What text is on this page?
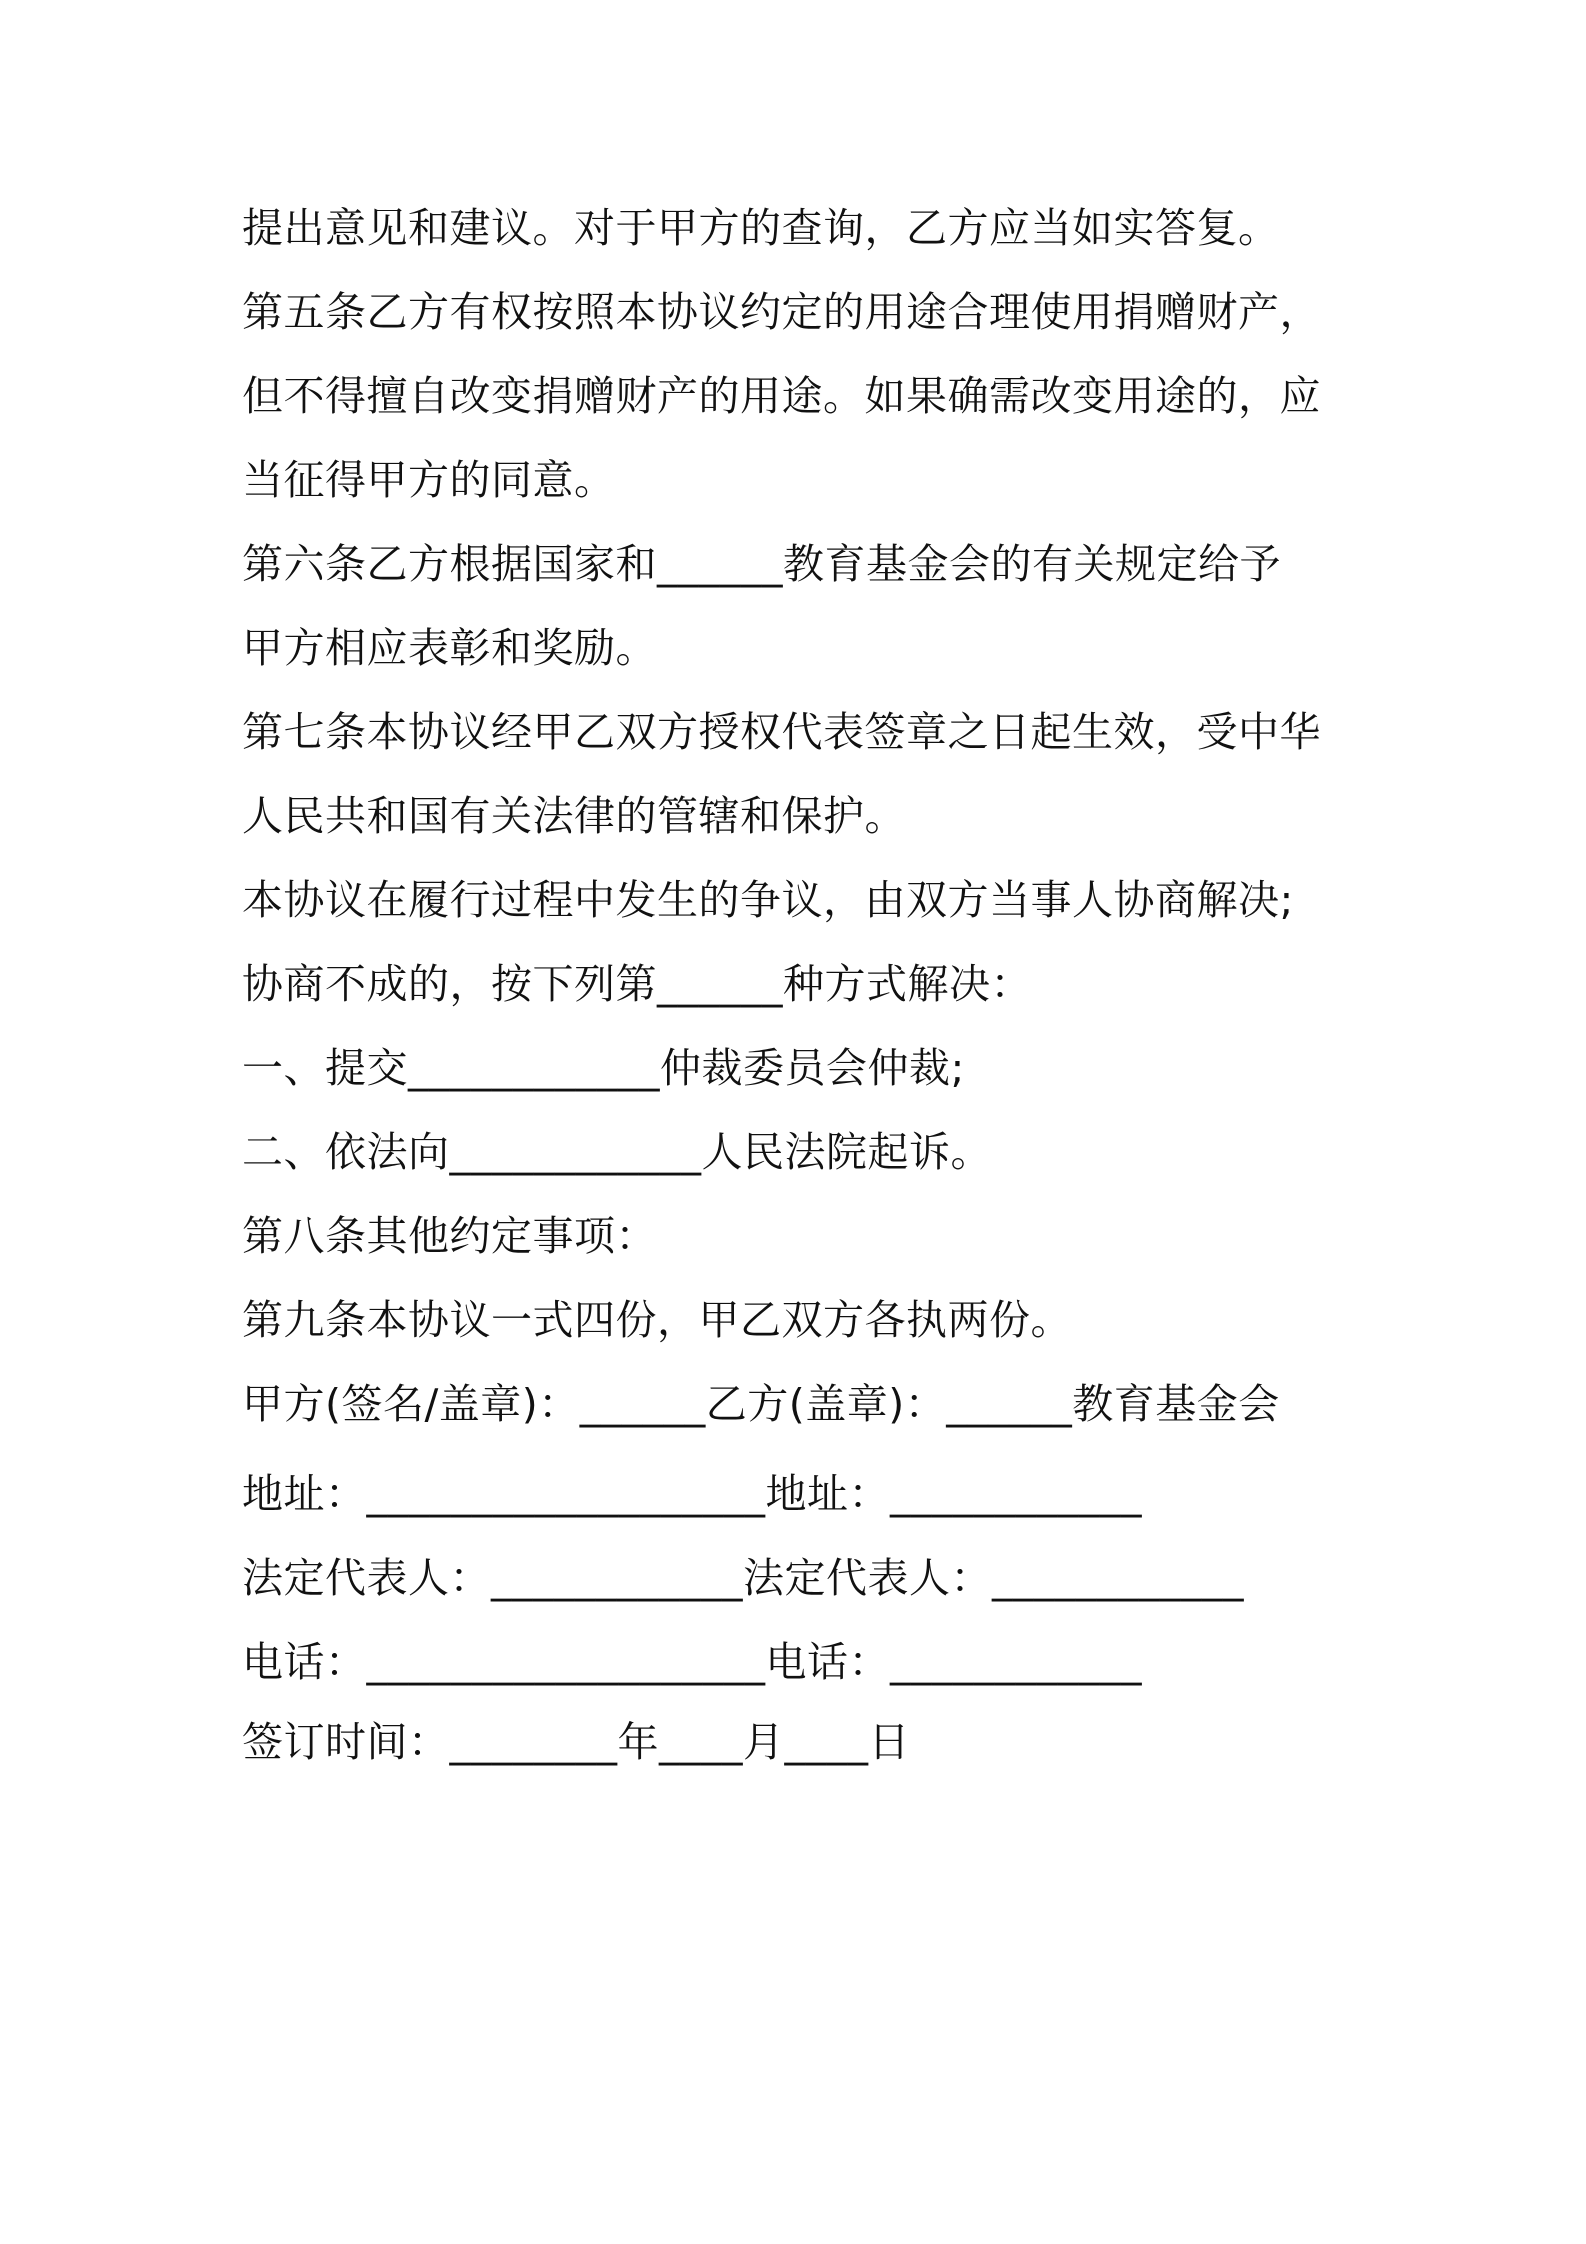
提出意见和建议。对于甲方的查询，乙方应当如实答复。
第五条乙方有权按照本协议约定的用途合理使用捐赠财产，
但不得擅自改变捐赠财产的用途。如果确需改变用途的，应
当征得甲方的同意。
第六条乙方根据国家和______教育基金会的有关规定给予
甲方相应表彰和奖励。
第七条本协议经甲乙双方授权代表签章之日起生效，受中华
人民共和国有关法律的管辖和保护。
本协议在履行过程中发生的争议，由双方当事人协商解决;
协商不成的，按下列第______种方式解决：
一、提交____________仲裁委员会仲裁;
二、依法向____________人民法院起诉。
第八条其他约定事项：
第九条本协议一式四份，甲乙双方各执两份。
甲方(签名/盖章)：______乙方(盖章)：______教育基金会
地址：___________________地址：____________
法定代表人：____________法定代表人：____________
电话：___________________电话：____________
签订时间：________年____月____日
